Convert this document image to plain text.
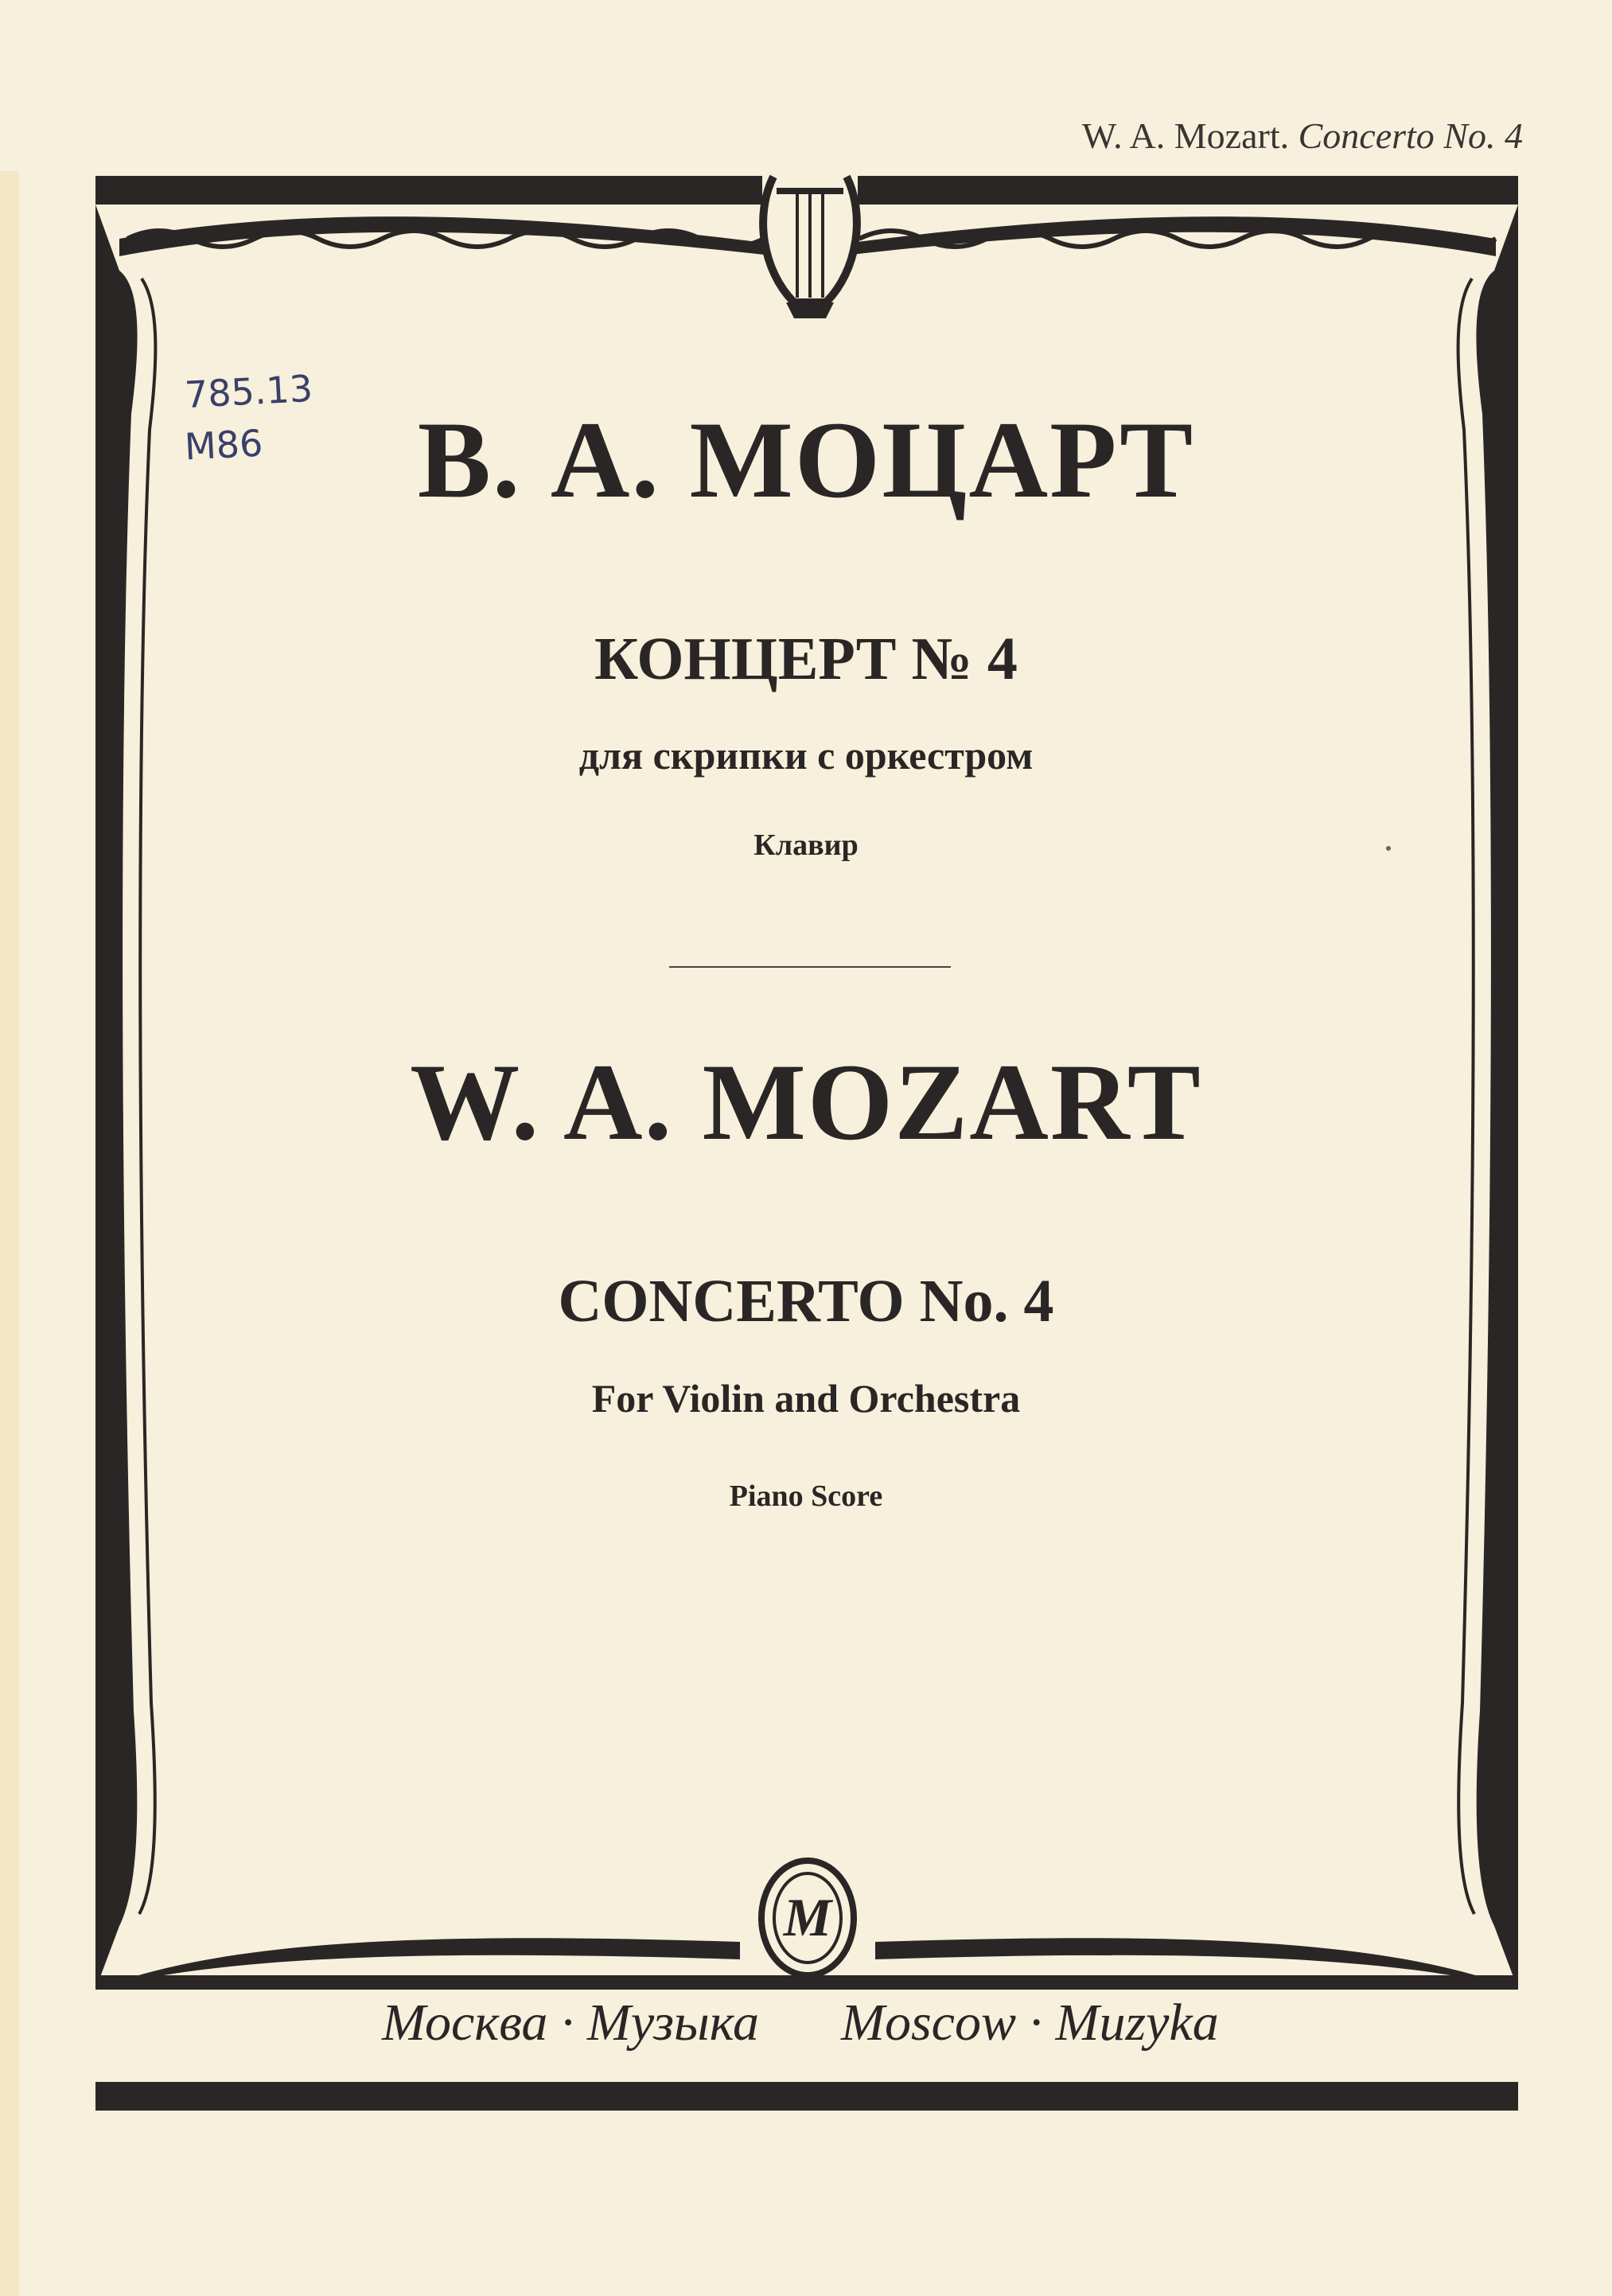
W. A. Mozart. Concerto No. 4
M
785.13
M86	В. А. МОЦАРТ
КОНЦЕРТ № 4
для скрипки с оркестром
Клавир
W. A. MOZART
CONCERTO No. 4
For Violin and Orchestra
Piano Score
Москва · Музыка Moscow · Muzyka
